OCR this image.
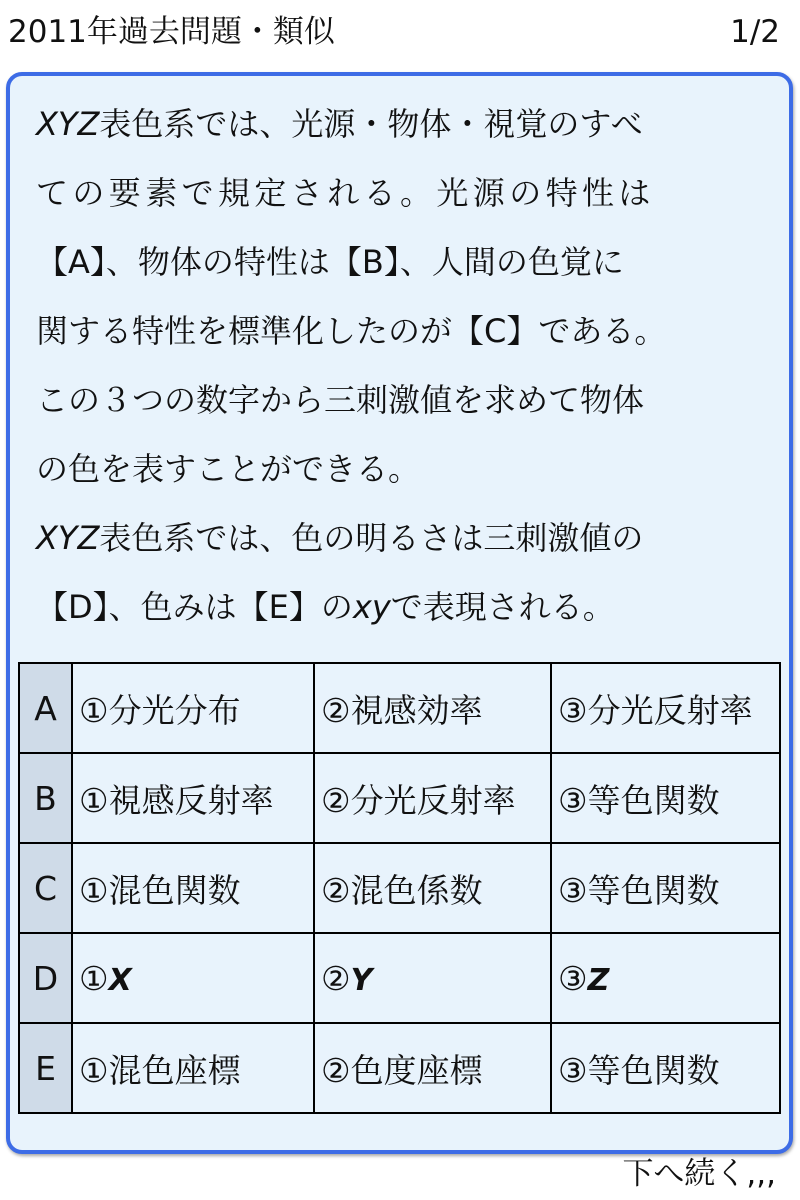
2011年過去問題・類似	1/2
XYZ表色系では、光源・物体・視覚のすべ
ての要素で規定される。光源の特性は
【A】、物体の特性は【B】、人間の色覚に
関する特性を標準化したのが【C】である。
この３つの数字から三刺激値を求めて物体
の色を表すことができる。
XYZ表色系では、色の明るさは三刺激値の
【D】、色みは【E】のxyで表現される。
A	①分光分布	②視感効率	③分光反射率
B	①視感反射率	②分光反射率	③等色関数
C	①混色関数	②混色係数	③等色関数
D	①X	②Y	③Z
E	①混色座標	②色度座標	③等色関数
下へ続く,,,
